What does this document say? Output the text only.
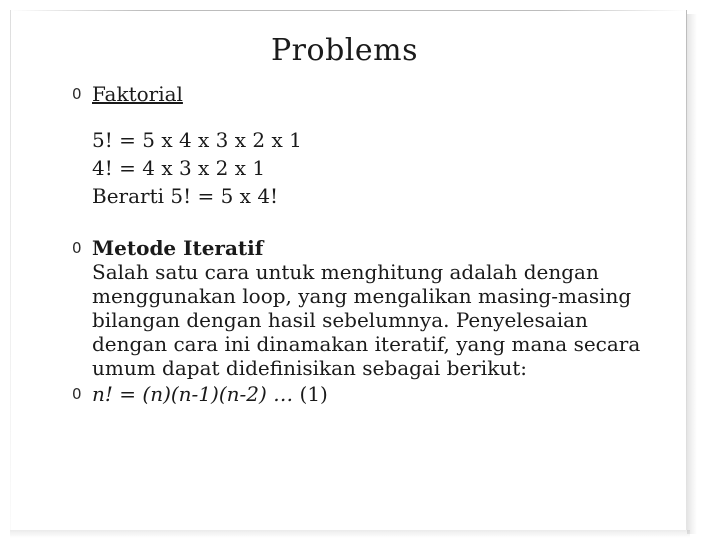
Problems
0 Faktorial
5! = 5 x 4 x 3 x 2 x 1
4! = 4 x 3 x 2 x 1
Berarti 5! = 5 x 4!
0 Metode Iteratif
Salah satu cara untuk menghitung adalah dengan
menggunakan loop, yang mengalikan masing-masing
bilangan dengan hasil sebelumnya. Penyelesaian
dengan cara ini dinamakan iteratif, yang mana secara
umum dapat didefinisikan sebagai berikut:
0 n! = (n)(n-1)(n-2) … (1)
